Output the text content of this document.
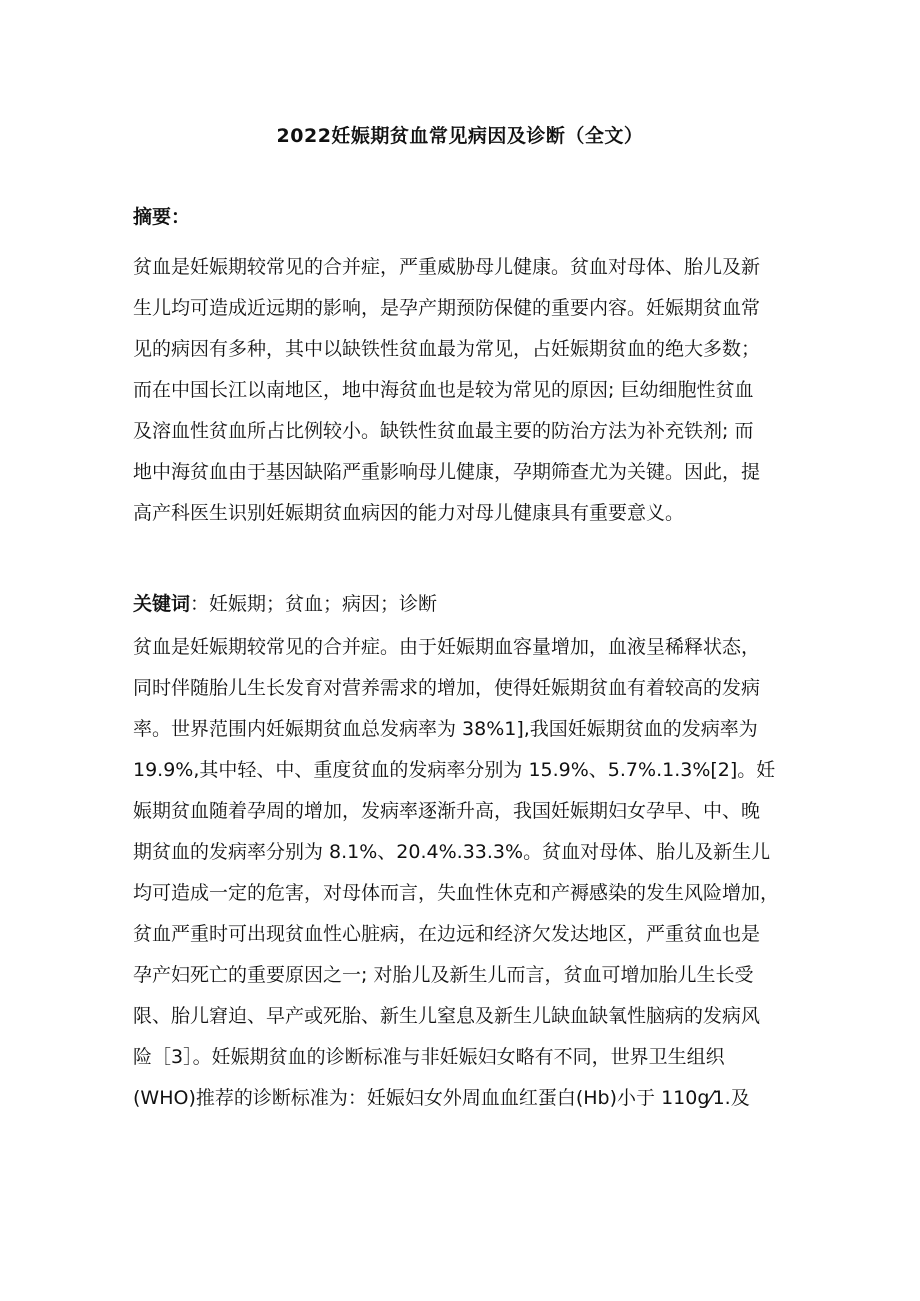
2022妊娠期贫血常见病因及诊断（全文）
摘要：
贫血是妊娠期较常见的合并症，严重威胁母儿健康。贫血对母体、胎儿及新
生儿均可造成近远期的影响，是孕产期预防保健的重要内容。妊娠期贫血常
见的病因有多种，其中以缺铁性贫血最为常见，占妊娠期贫血的绝大多数；
而在中国长江以南地区，地中海贫血也是较为常见的原因; 巨幼细胞性贫血
及溶血性贫血所占比例较小。缺铁性贫血最主要的防治方法为补充铁剂; 而
地中海贫血由于基因缺陷严重影响母儿健康，孕期筛查尤为关键。因此，提
高产科医生识别妊娠期贫血病因的能力对母儿健康具有重要意义。
关键词：妊娠期；贫血；病因；诊断
贫血是妊娠期较常见的合并症。由于妊娠期血容量增加，血液呈稀释状态，
同时伴随胎儿生长发育对营养需求的增加，使得妊娠期贫血有着较高的发病
率。世界范围内妊娠期贫血总发病率为 38%1],我国妊娠期贫血的发病率为
19.9%,其中轻、中、重度贫血的发病率分别为 15.9%、5.7%.1.3%[2]。妊
娠期贫血随着孕周的增加，发病率逐渐升高，我国妊娠期妇女孕早、中、晚
期贫血的发病率分别为 8.1%、20.4%.33.3%。贫血对母体、胎儿及新生儿
均可造成一定的危害，对母体而言，失血性休克和产褥感染的发生风险增加，
贫血严重时可出现贫血性心脏病，在边远和经济欠发达地区，严重贫血也是
孕产妇死亡的重要原因之一; 对胎儿及新生儿而言，贫血可增加胎儿生长受
限、胎儿窘迫、早产或死胎、新生儿窒息及新生儿缺血缺氧性脑病的发病风
险［3］。妊娠期贫血的诊断标准与非妊娠妇女略有不同，世界卫生组织
(WHO)推荐的诊断标准为：妊娠妇女外周血血红蛋白(Hb)小于 110g⁄1.及
